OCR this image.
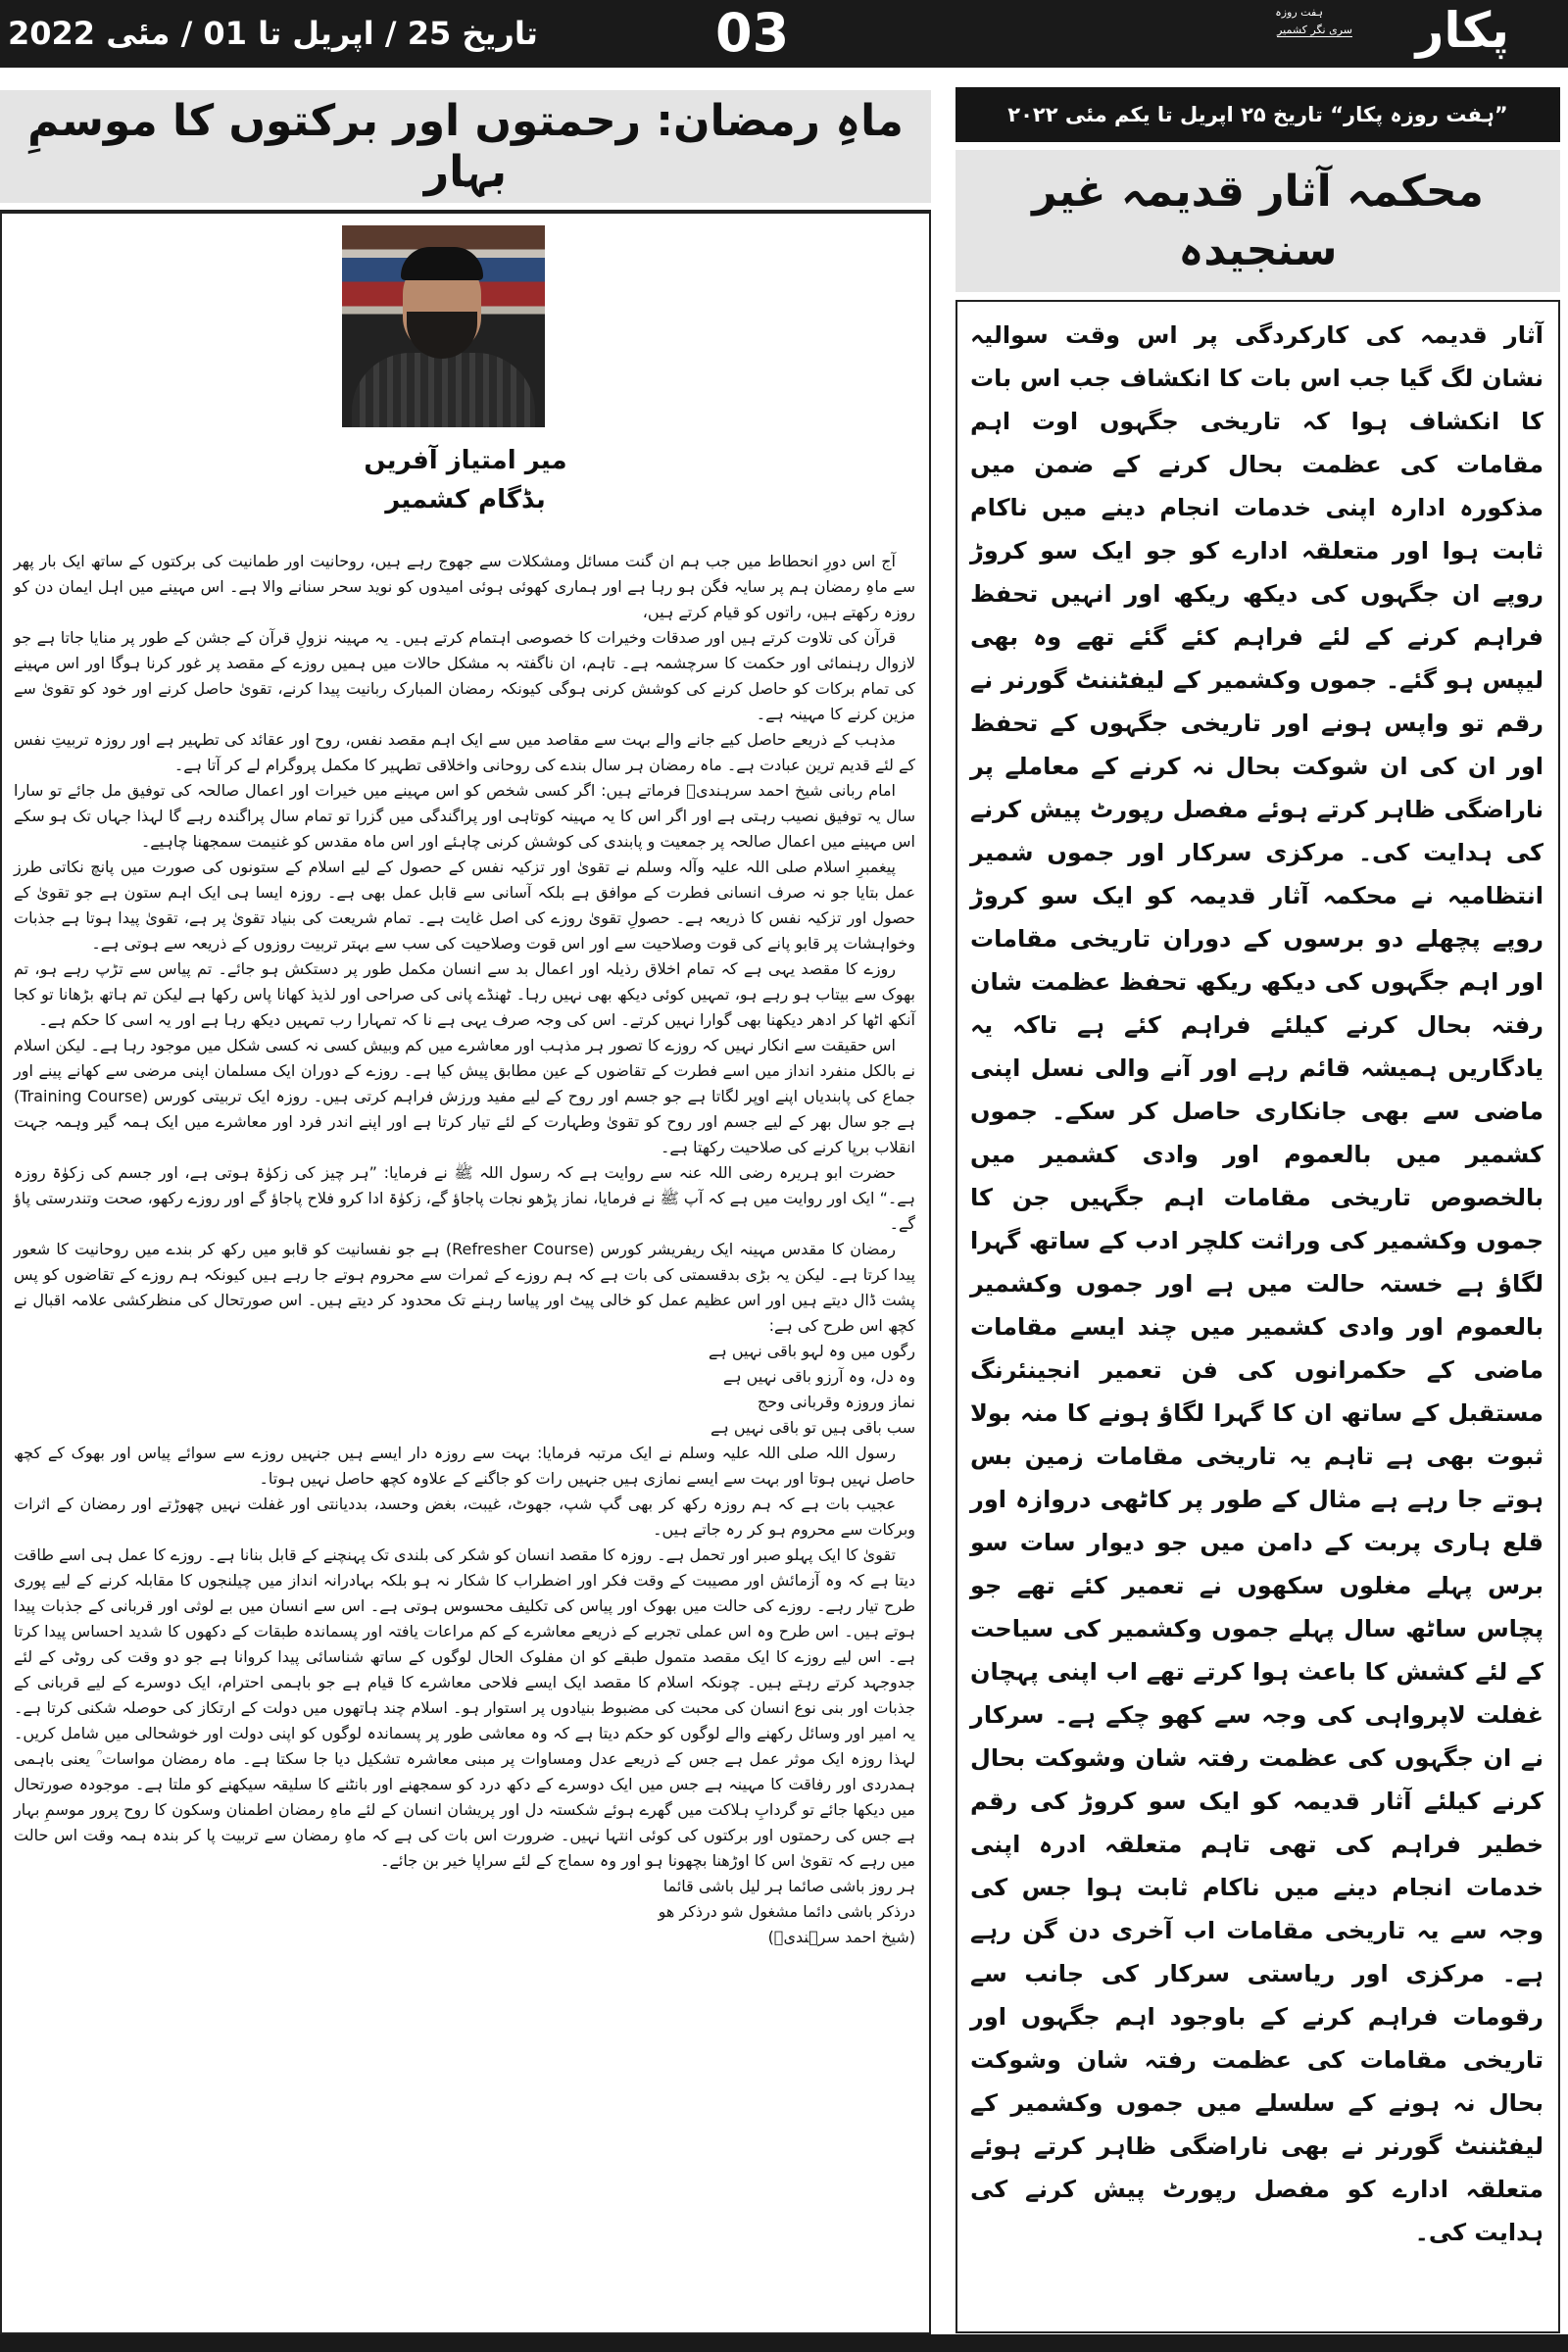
تاریخ 25 / اپریل تا 01 / مئی 2022	03	پکار
ہفت روزہ
سری نگر کشمیر
ماہِ رمضان: رحمتوں اور برکتوں کا موسمِ بہار
میر امتیاز آفریں
بڈگام کشمیر

آج اس دورِ انحطاط میں جب ہم ان گنت مسائل ومشکلات سے جھوج رہے ہیں، روحانیت اور طمانیت کی برکتوں کے ساتھ ایک بار پھر سے ماہِ رمضان ہم پر سایہ فگن ہو رہا ہے اور ہماری کھوئی ہوئی امیدوں کو نوید سحر سنانے والا ہے۔ اس مہینے میں اہل ایمان دن کو روزہ رکھتے ہیں، راتوں کو قیام کرتے ہیں،

قرآن کی تلاوت کرتے ہیں اور صدقات وخیرات کا خصوصی اہتمام کرتے ہیں۔ یہ مہینہ نزولِ قرآن کے جشن کے طور پر منایا جاتا ہے جو لازوال رہنمائی اور حکمت کا سرچشمہ ہے۔ تاہم، ان ناگفتہ بہ مشکل حالات میں ہمیں روزے کے مقصد پر غور کرنا ہوگا اور اس مہینے کی تمام برکات کو حاصل کرنے کی کوشش کرنی ہوگی کیونکہ رمضان المبارک ربانیت پیدا کرنے، تقویٰ حاصل کرنے اور خود کو تقویٰ سے مزین کرنے کا مہینہ ہے۔

مذہب کے ذریعے حاصل کیے جانے والے بہت سے مقاصد میں سے ایک اہم مقصد نفس، روح اور عقائد کی تطہیر ہے اور روزہ تربیتِ نفس کے لئے قدیم ترین عبادت ہے۔ ماہ رمضان ہر سال بندے کی روحانی واخلاقی تطہیر کا مکمل پروگرام لے کر آتا ہے۔

امام ربانی شیخ احمد سرہندیؒ فرماتے ہیں: اگر کسی شخص کو اس مہینے میں خیرات اور اعمال صالحہ کی توفیق مل جائے تو سارا سال یہ توفیق نصیب رہتی ہے اور اگر اس کا یہ مہینہ کوتاہی اور پراگندگی میں گزرا تو تمام سال پراگندہ رہے گا لہذا جہاں تک ہو سکے اس مہینے میں اعمال صالحہ پر جمعیت و پابندی کی کوشش کرنی چاہئے اور اس ماہ مقدس کو غنیمت سمجھنا چاہیے۔

پیغمبرِ اسلام صلی اللہ علیہ وآلہ وسلم نے تقویٰ اور تزکیہ نفس کے حصول کے لیے اسلام کے ستونوں کی صورت میں پانچ نکاتی طرز عمل بتایا جو نہ صرف انسانی فطرت کے موافق ہے بلکہ آسانی سے قابل عمل بھی ہے۔ روزہ ایسا ہی ایک اہم ستون ہے جو تقویٰ کے حصول اور تزکیہ نفس کا ذریعہ ہے۔ حصولِ تقویٰ روزے کی اصل غایت ہے۔ تمام شریعت کی بنیاد تقویٰ پر ہے، تقویٰ پیدا ہوتا ہے جذبات وخواہشات پر قابو پانے کی قوت وصلاحیت سے اور اس قوت وصلاحیت کی سب سے بہتر تربیت روزوں کے ذریعہ سے ہوتی ہے۔

روزے کا مقصد یہی ہے کہ تمام اخلاق رذیلہ اور اعمال بد سے انسان مکمل طور پر دستکش ہو جائے۔ تم پیاس سے تڑپ رہے ہو، تم بھوک سے بیتاب ہو رہے ہو، تمہیں کوئی دیکھ بھی نہیں رہا۔ ٹھنڈے پانی کی صراحی اور لذیذ کھانا پاس رکھا ہے لیکن تم ہاتھ بڑھانا تو کجا آنکھ اٹھا کر ادھر دیکھنا بھی گوارا نہیں کرتے۔ اس کی وجہ صرف یہی ہے نا کہ تمہارا رب تمہیں دیکھ رہا ہے اور یہ اسی کا حکم ہے۔

اس حقیقت سے انکار نہیں کہ روزے کا تصور ہر مذہب اور معاشرے میں کم وبیش کسی نہ کسی شکل میں موجود رہا ہے۔ لیکن اسلام نے بالکل منفرد انداز میں اسے فطرت کے تقاضوں کے عین مطابق پیش کیا ہے۔ روزے کے دوران ایک مسلمان اپنی مرضی سے کھانے پینے اور جماع کی پابندیاں اپنے اوپر لگاتا ہے جو جسم اور روح کے لیے مفید ورزش فراہم کرتی ہیں۔ روزہ ایک تربیتی کورس (Training Course) ہے جو سال بھر کے لیے جسم اور روح کو تقویٰ وطہارت کے لئے تیار کرتا ہے اور اپنے اندر فرد اور معاشرے میں ایک ہمہ گیر وہمہ جہت انقلاب برپا کرنے کی صلاحیت رکھتا ہے۔

حضرت ابو ہریرہ رضی اللہ عنہ سے روایت ہے کہ رسول اللہ ﷺ نے فرمایا: ”ہر چیز کی زکوٰۃ ہوتی ہے، اور جسم کی زکوٰۃ روزہ ہے۔“ ایک اور روایت میں ہے کہ آپ ﷺ نے فرمایا، نماز پڑھو نجات پاجاؤ گے، زکوٰۃ ادا کرو فلاح پاجاؤ گے اور روزے رکھو، صحت وتندرستی پاؤ گے۔

رمضان کا مقدس مہینہ ایک ریفریشر کورس (Refresher Course) ہے جو نفسانیت کو قابو میں رکھ کر بندے میں روحانیت کا شعور پیدا کرتا ہے۔ لیکن یہ بڑی بدقسمتی کی بات ہے کہ ہم روزے کے ثمرات سے محروم ہوتے جا رہے ہیں کیونکہ ہم روزے کے تقاضوں کو پس پشت ڈال دیتے ہیں اور اس عظیم عمل کو خالی پیٹ اور پیاسا رہنے تک محدود کر دیتے ہیں۔ اس صورتحال کی منظرکشی علامہ اقبال نے کچھ اس طرح کی ہے:

رگوں میں وہ لہو باقی نہیں ہے

وہ دل، وہ آرزو باقی نہیں ہے

نماز وروزہ وقربانی وحج

سب باقی ہیں تو باقی نہیں ہے

رسول اللہ صلی اللہ علیہ وسلم نے ایک مرتبہ فرمایا: بہت سے روزہ دار ایسے ہیں جنہیں روزے سے سوائے پیاس اور بھوک کے کچھ حاصل نہیں ہوتا اور بہت سے ایسے نمازی ہیں جنہیں رات کو جاگنے کے علاوہ کچھ حاصل نہیں ہوتا۔

عجیب بات ہے کہ ہم روزہ رکھ کر بھی گپ شپ، جھوٹ، غیبت، بغض وحسد، بددیانتی اور غفلت نہیں چھوڑتے اور رمضان کے اثرات وبرکات سے محروم ہو کر رہ جاتے ہیں۔

تقویٰ کا ایک پہلو صبر اور تحمل ہے۔ روزہ کا مقصد انسان کو شکر کی بلندی تک پہنچنے کے قابل بنانا ہے۔ روزے کا عمل ہی اسے طاقت دیتا ہے کہ وہ آزمائش اور مصیبت کے وقت فکر اور اضطراب کا شکار نہ ہو بلکہ بہادرانہ انداز میں چیلنجوں کا مقابلہ کرنے کے لیے پوری طرح تیار رہے۔ روزے کی حالت میں بھوک اور پیاس کی تکلیف محسوس ہوتی ہے۔ اس سے انسان میں بے لوثی اور قربانی کے جذبات پیدا ہوتے ہیں۔ اس طرح وہ اس عملی تجربے کے ذریعے معاشرے کے کم مراعات یافتہ اور پسماندہ طبقات کے دکھوں کا شدید احساس پیدا کرتا ہے۔ اس لیے روزے کا ایک مقصد متمول طبقے کو ان مفلوک الحال لوگوں کے ساتھ شناسائی پیدا کروانا ہے جو دو وقت کی روٹی کے لئے جدوجہد کرتے رہتے ہیں۔ چونکہ اسلام کا مقصد ایک ایسے فلاحی معاشرے کا قیام ہے جو باہمی احترام، ایک دوسرے کے لیے قربانی کے جذبات اور بنی نوع انسان کی محبت کی مضبوط بنیادوں پر استوار ہو۔ اسلام چند ہاتھوں میں دولت کے ارتکاز کی حوصلہ شکنی کرتا ہے۔ یہ امیر اور وسائل رکھنے والے لوگوں کو حکم دیتا ہے کہ وہ معاشی طور پر پسماندہ لوگوں کو اپنی دولت اور خوشحالی میں شامل کریں۔ لہذا روزہ ایک موثر عمل ہے جس کے ذریعے عدل ومساوات پر مبنی معاشرہ تشکیل دیا جا سکتا ہے۔ ماہ رمضان مواسات ؒ یعنی باہمی ہمدردی اور رفاقت کا مہینہ ہے جس میں ایک دوسرے کے دکھ درد کو سمجھنے اور بانٹنے کا سلیقہ سیکھنے کو ملتا ہے۔ موجودہ صورتحال میں دیکھا جائے تو گردابِ ہلاکت میں گھرے ہوئے شکستہ دل اور پریشان انسان کے لئے ماہِ رمضان اطمنان وسکون کا روح پرور موسمِ بہار ہے جس کی رحمتوں اور برکتوں کی کوئی انتہا نہیں۔ ضرورت اس بات کی ہے کہ ماہِ رمضان سے تربیت پا کر بندہ ہمہ وقت اس حالت میں رہے کہ تقویٰ اس کا اوڑھنا بچھونا ہو اور وہ سماج کے لئے سراپا خیر بن جائے۔

ہر روز باشی صائما ہر لیل باشی قائما

درذکر باشی دائما مشغول شو درذکر ھو

(شیخ احمد سرہندیؒ)

”ہفت روزہ پکار“ تاریخ ۲۵ اپریل تا یکم مئی ۲۰۲۲
محکمہ آثار قدیمہ غیر سنجیدہ

آثار قدیمہ کی کارکردگی پر اس وقت سوالیہ نشان لگ گیا جب اس بات کا انکشاف جب اس بات کا انکشاف ہوا کہ تاریخی جگہوں اوت اہم مقامات کی عظمت بحال کرنے کے ضمن میں مذکورہ ادارہ اپنی خدمات انجام دینے میں ناکام ثابت ہوا اور متعلقہ ادارے کو جو ایک سو کروڑ روپے ان جگہوں کی دیکھ ریکھ اور انہیں تحفظ فراہم کرنے کے لئے فراہم کئے گئے تھے وہ بھی لیپس ہو گئے۔ جموں وکشمیر کے لیفٹننٹ گورنر نے رقم تو واپس ہونے اور تاریخی جگہوں کے تحفظ اور ان کی ان شوکت بحال نہ کرنے کے معاملے پر ناراضگی ظاہر کرتے ہوئے مفصل رپورٹ پیش کرنے کی ہدایت کی۔ مرکزی سرکار اور جموں شمیر انتظامیہ نے محکمہ آثار قدیمہ کو ایک سو کروڑ روپے پچھلے دو برسوں کے دوران تاریخی مقامات اور اہم جگہوں کی دیکھ ریکھ تحفظ عظمت شان رفتہ بحال کرنے کیلئے فراہم کئے ہے تاکہ یہ یادگاریں ہمیشہ قائم رہے اور آنے والی نسل اپنی ماضی سے بھی جانکاری حاصل کر سکے۔ جموں کشمیر میں بالعموم اور وادی کشمیر میں بالخصوص تاریخی مقامات اہم جگہیں جن کا جموں وکشمیر کی وراثت کلچر ادب کے ساتھ گہرا لگاؤ ہے خستہ حالت میں ہے اور جموں وکشمیر بالعموم اور وادی کشمیر میں چند ایسے مقامات ماضی کے حکمرانوں کی فن تعمیر انجینئرنگ مستقبل کے ساتھ ان کا گہرا لگاؤ ہونے کا منہ بولا ثبوت بھی ہے تاہم یہ تاریخی مقامات زمین بس ہوتے جا رہے ہے مثال کے طور پر کاٹھی دروازہ اور قلع ہاری پربت کے دامن میں جو دیوار سات سو برس پہلے مغلوں سکھوں نے تعمیر کئے تھے جو پچاس ساٹھ سال پہلے جموں وکشمیر کی سیاحت کے لئے کشش کا باعث ہوا کرتے تھے اب اپنی پہچان غفلت لاپرواہی کی وجہ سے کھو چکے ہے۔ سرکار نے ان جگہوں کی عظمت رفتہ شان وشوکت بحال کرنے کیلئے آثار قدیمہ کو ایک سو کروڑ کی رقم خطیر فراہم کی تھی تاہم متعلقہ ادرہ اپنی خدمات انجام دینے میں ناکام ثابت ہوا جس کی وجہ سے یہ تاریخی مقامات اب آخری دن گن رہے ہے۔ مرکزی اور ریاستی سرکار کی جانب سے رقومات فراہم کرنے کے باوجود اہم جگہوں اور تاریخی مقامات کی عظمت رفتہ شان وشوکت بحال نہ ہونے کے سلسلے میں جموں وکشمیر کے لیفٹننٹ گورنر نے بھی ناراضگی ظاہر کرتے ہوئے متعلقہ ادارے کو مفصل رپورٹ پیش کرنے کی ہدایت کی۔
